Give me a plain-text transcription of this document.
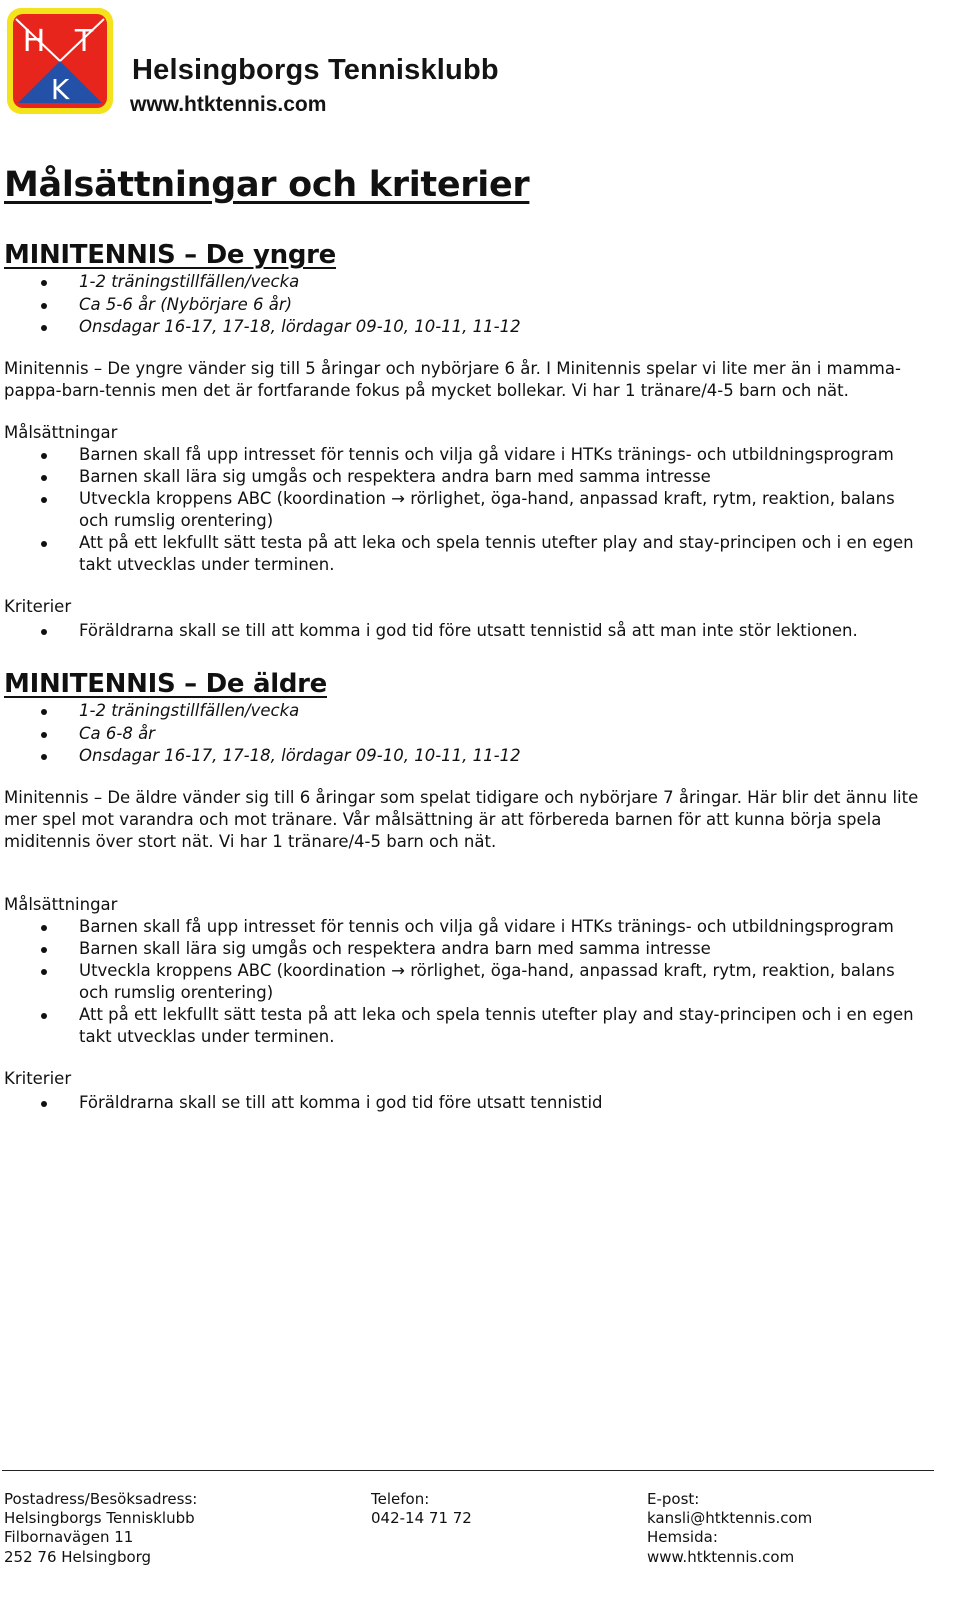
H T
K
Helsingborgs Tennisklubb
www.htktennis.com
Målsättningar och kriterier
MINITENNIS – De yngre
1-2 träningstillfällen/vecka
Ca 5-6 år (Nybörjare 6 år)
Onsdagar 16-17, 17-18, lördagar 09-10, 10-11, 11-12

Minitennis – De yngre vänder sig till 5 åringar och nybörjare 6 år. I Minitennis spelar vi lite mer än i mamma-pappa-barn-tennis men det är fortfarande fokus på mycket bollekar. Vi har 1 tränare/4-5 barn och nät.

Målsättningar

Barnen skall få upp intresset för tennis och vilja gå vidare i HTKs tränings- och utbildningsprogram
Barnen skall lära sig umgås och respektera andra barn med samma intresse
Utveckla kroppens ABC (koordination → rörlighet, öga-hand, anpassad kraft, rytm, reaktion, balans och rumslig orentering)
Att på ett lekfullt sätt testa på att leka och spela tennis utefter play and stay-principen och i en egen takt utvecklas under terminen.

Kriterier

Föräldrarna skall se till att komma i god tid före utsatt tennistid så att man inte stör lektionen.
MINITENNIS – De äldre
1-2 träningstillfällen/vecka
Ca 6-8 år
Onsdagar 16-17, 17-18, lördagar 09-10, 10-11, 11-12

Minitennis – De äldre vänder sig till 6 åringar som spelat tidigare och nybörjare 7 åringar. Här blir det ännu lite mer spel mot varandra och mot tränare. Vår målsättning är att förbereda barnen för att kunna börja spela miditennis över stort nät. Vi har 1 tränare/4-5 barn och nät.

Målsättningar

Barnen skall få upp intresset för tennis och vilja gå vidare i HTKs tränings- och utbildningsprogram
Barnen skall lära sig umgås och respektera andra barn med samma intresse
Utveckla kroppens ABC (koordination → rörlighet, öga-hand, anpassad kraft, rytm, reaktion, balans och rumslig orentering)
Att på ett lekfullt sätt testa på att leka och spela tennis utefter play and stay-principen och i en egen takt utvecklas under terminen.

Kriterier

Föräldrarna skall se till att komma i god tid före utsatt tennistid
Postadress/Besöksadress:
Helsingborgs Tennisklubb
Filbornavägen 11
252 76 Helsingborg
Telefon:
042-14 71 72
E-post:
kansli@htktennis.com
Hemsida:
www.htktennis.com
